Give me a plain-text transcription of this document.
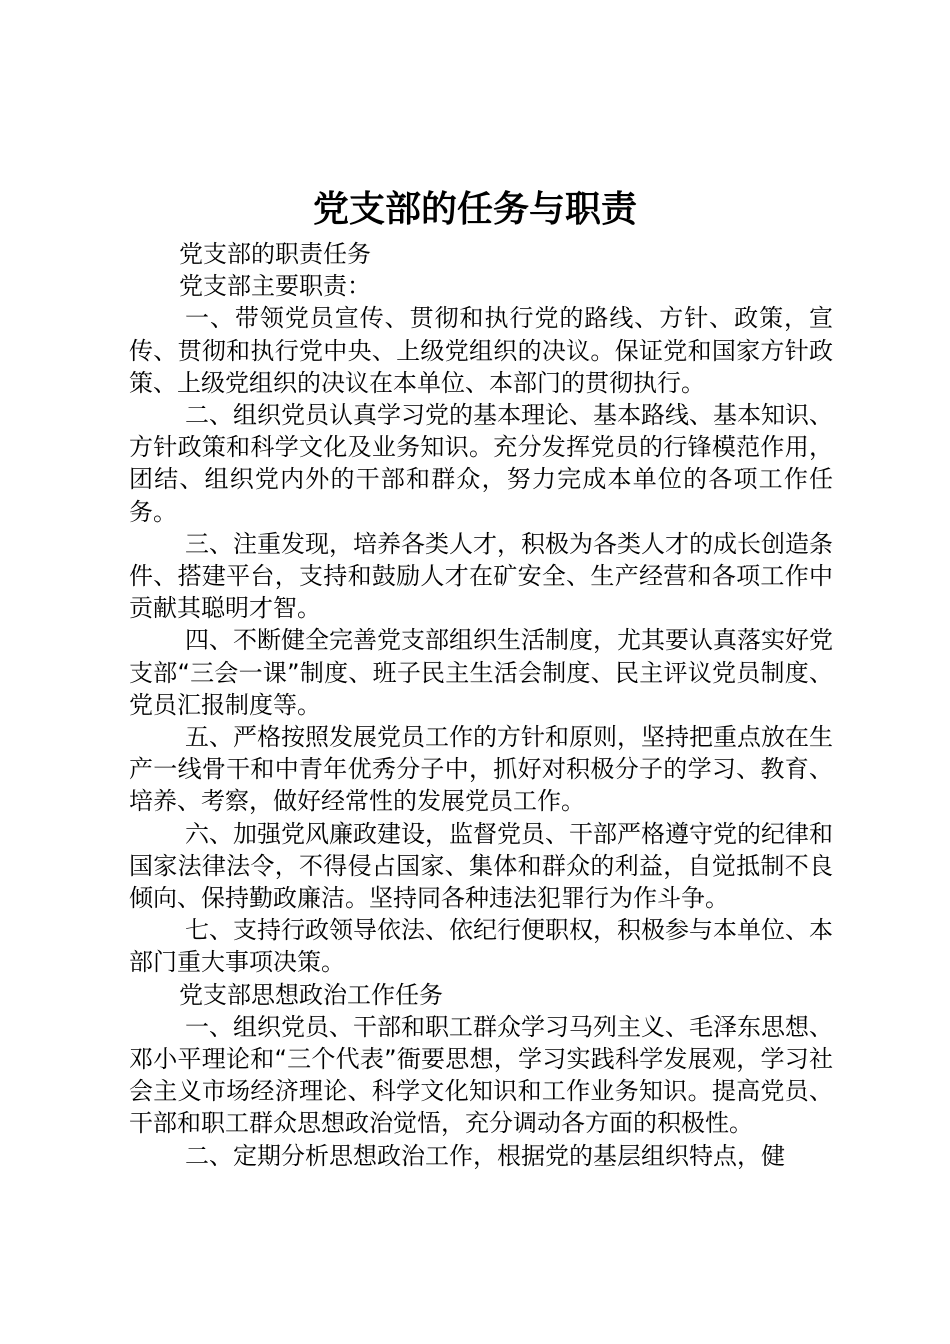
党支部的任务与职责

党支部的职责任务

党支部主要职责：

一、带领党员宣传、贯彻和执行党的路线、方针、政策，宣传、贯彻和执行党中央、上级党组织的决议。保证党和国家方针政策、上级党组织的决议在本单位、本部门的贯彻执行。

二、组织党员认真学习党的基本理论、基本路线、基本知识、方针政策和科学文化及业务知识。充分发挥党员的行锋模范作用，团结、组织党内外的干部和群众，努力完成本单位的各项工作任务。

三、注重发现，培养各类人才，积极为各类人才的成长创造条件、搭建平台，支持和鼓励人才在矿安全、生产经营和各项工作中贡献其聪明才智。

四、不断健全完善党支部组织生活制度，尤其要认真落实好党支部“三会一课”制度、班子民主生活会制度、民主评议党员制度、党员汇报制度等。

五、严格按照发展党员工作的方针和原则，坚持把重点放在生产一线骨干和中青年优秀分子中，抓好对积极分子的学习、教育、培养、考察，做好经常性的发展党员工作。

六、加强党风廉政建设，监督党员、干部严格遵守党的纪律和国家法律法令，不得侵占国家、集体和群众的利益，自觉抵制不良倾向、保持勤政廉洁。坚持同各种违法犯罪行为作斗争。

七、支持行政领导依法、依纪行便职权，积极参与本单位、本部门重大事项决策。

党支部思想政治工作任务

一、组织党员、干部和职工群众学习马列主义、毛泽东思想、邓小平理论和“三个代表”衙要思想，学习实践科学发展观，学习社会主义市场经济理论、科学文化知识和工作业务知识。提高党员、干部和职工群众思想政治觉悟，充分调动各方面的积极性。

二、定期分析思想政治工作，根据党的基层组织特点，健
